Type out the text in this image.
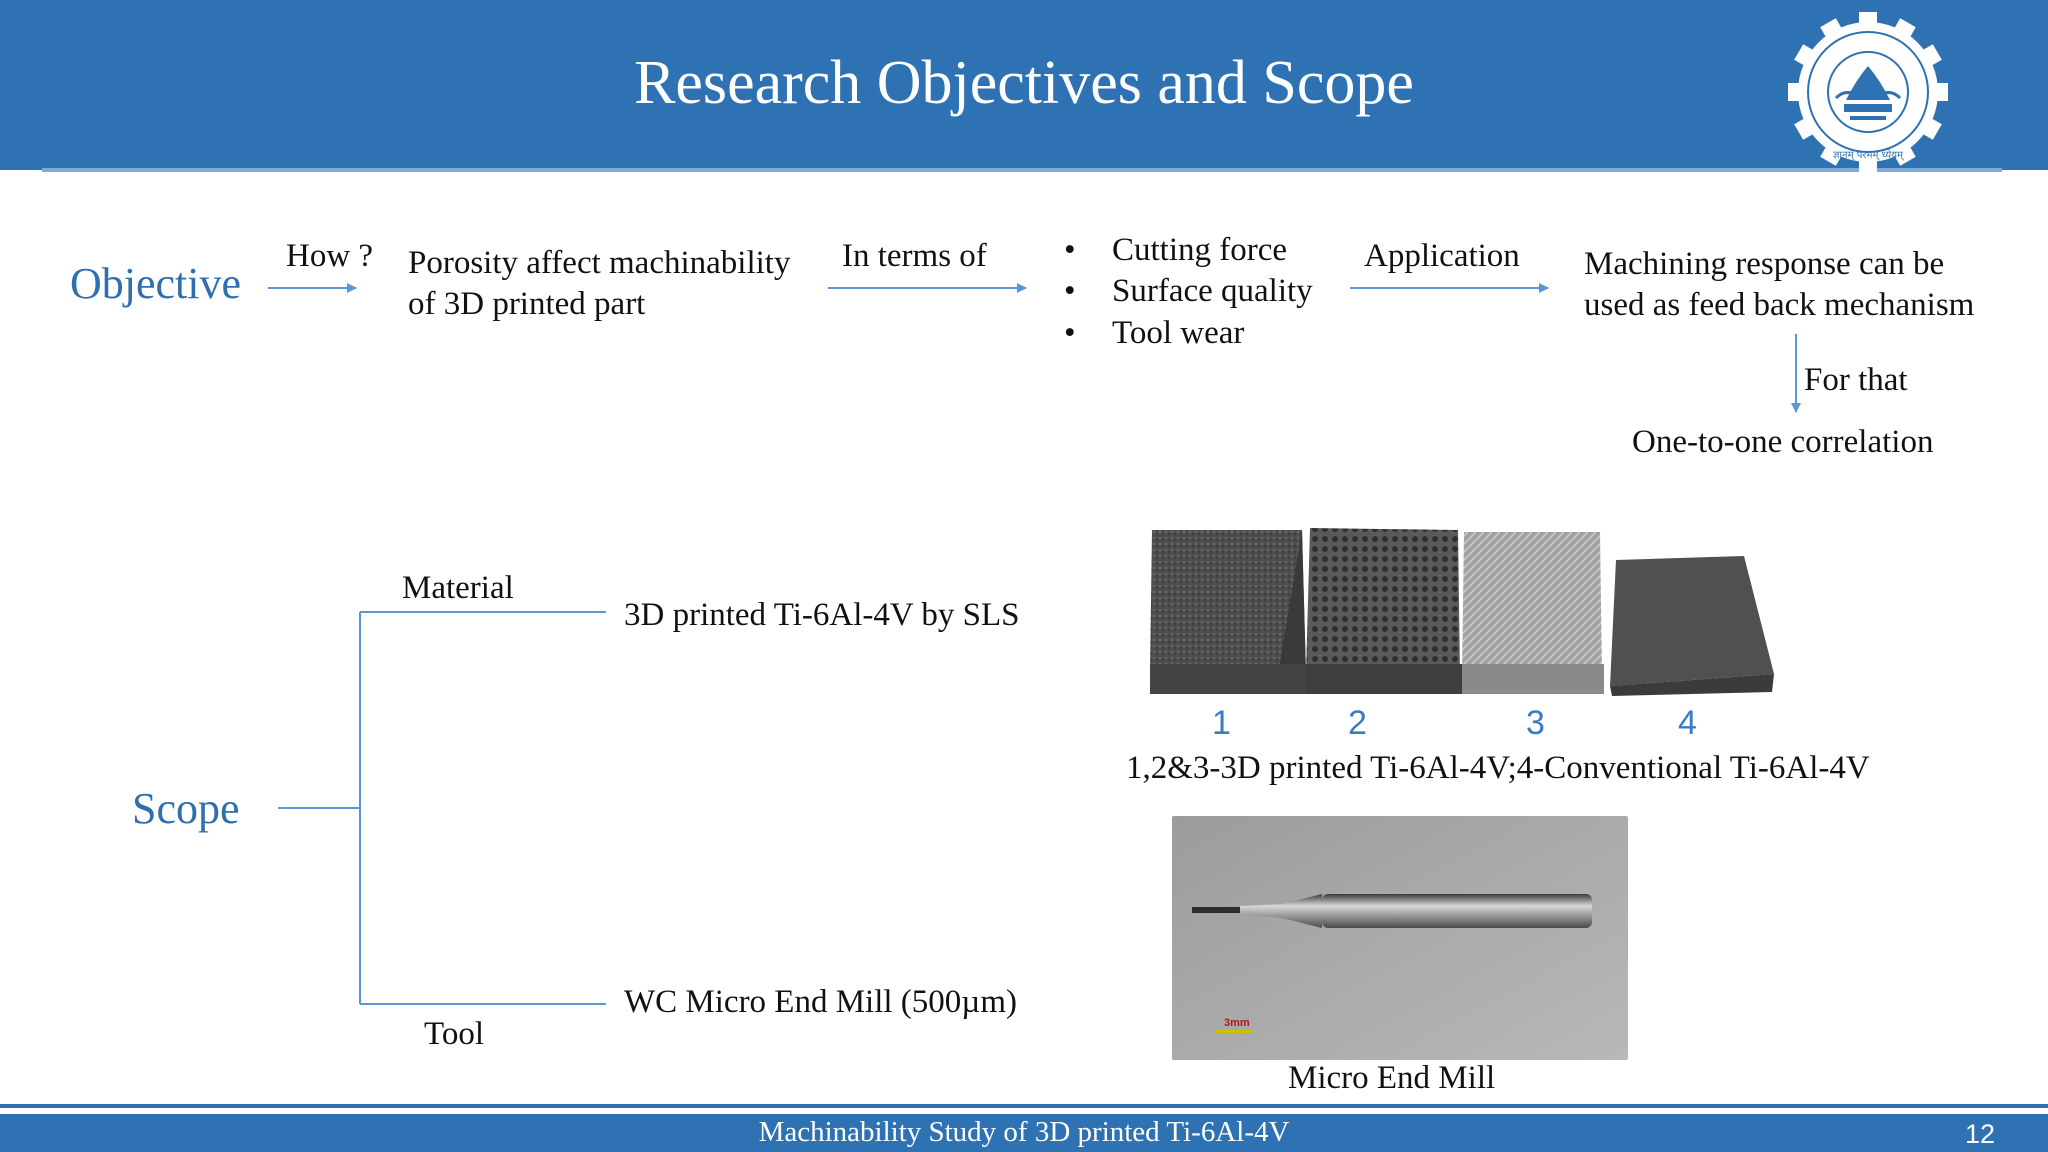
Research Objectives and Scope
ज्ञानम् परमम् ध्येयम्
Objective
How ? Porosity affect machinability
of 3D printed part
In terms of
•	Cutting force
• Surface quality
• Tool wear
Application Machining response can be
used as feed back mechanism
For that
One-to-one correlation
Scope
Material
3D printed Ti-6Al-4V by SLS
Tool
WC Micro End Mill (500µm)
1	2	3	4
1,2&3-3D printed Ti-6Al-4V;4-Conventional Ti-6Al-4V
3mm
Micro End Mill
Machinability Study of 3D printed Ti-6Al-4V	12
